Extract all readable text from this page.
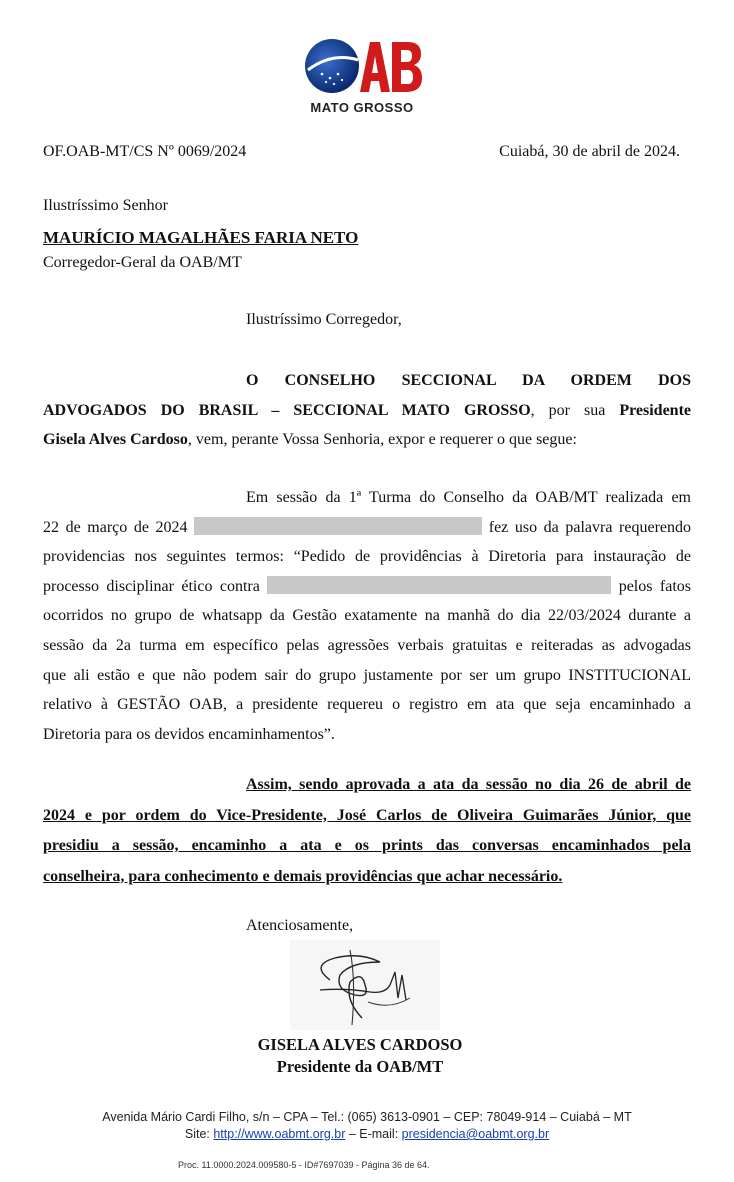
OAB
MATO GROSSO
OF.OAB-MT/CS Nº 0069/2024	Cuiabá, 30 de abril de 2024.
Ilustríssimo Senhor
MAURÍCIO MAGALHÃES FARIA NETO
Corregedor-Geral da OAB/MT
Ilustríssimo Corregedor,
O CONSELHO SECCIONAL DA ORDEM DOS
ADVOGADOS DO BRASIL – SECCIONAL MATO GROSSO, por sua Presidente
Gisela Alves Cardoso, vem, perante Vossa Senhoria, expor e requerer o que segue:
Em sessão da 1ª Turma do Conselho da OAB/MT realizada em
22 de março de 2024	fez uso da palavra requerendo
providencias nos seguintes termos: “Pedido de providências à Diretoria para instauração de
processo disciplinar ético contra	pelos fatos
ocorridos no grupo de whatsapp da Gestão exatamente na manhã do dia 22/03/2024 durante a
sessão da 2a turma em específico pelas agressões verbais gratuitas e reiteradas as advogadas
que ali estão e que não podem sair do grupo justamente por ser um grupo INSTITUCIONAL
relativo à GESTÃO OAB, a presidente requereu o registro em ata que seja encaminhado a
Diretoria para os devidos encaminhamentos”.
Assim, sendo aprovada a ata da sessão no dia 26 de abril de
2024 e por ordem do Vice-Presidente, José Carlos de Oliveira Guimarães Júnior, que
presidiu a sessão, encaminho a ata e os prints das conversas encaminhados pela
conselheira, para conhecimento e demais providências que achar necessário.
Atenciosamente,
GISELA ALVES CARDOSO
Presidente da OAB/MT
Avenida Mário Cardi Filho, s/n – CPA – Tel.: (065) 3613-0901 – CEP: 78049-914 – Cuiabá – MT
Site: http://www.oabmt.org.br – E-mail: presidencia@oabmt.org.br
Proc. 11.0000.2024.009580-5 - ID#7697039 - Página 36 de 64.
